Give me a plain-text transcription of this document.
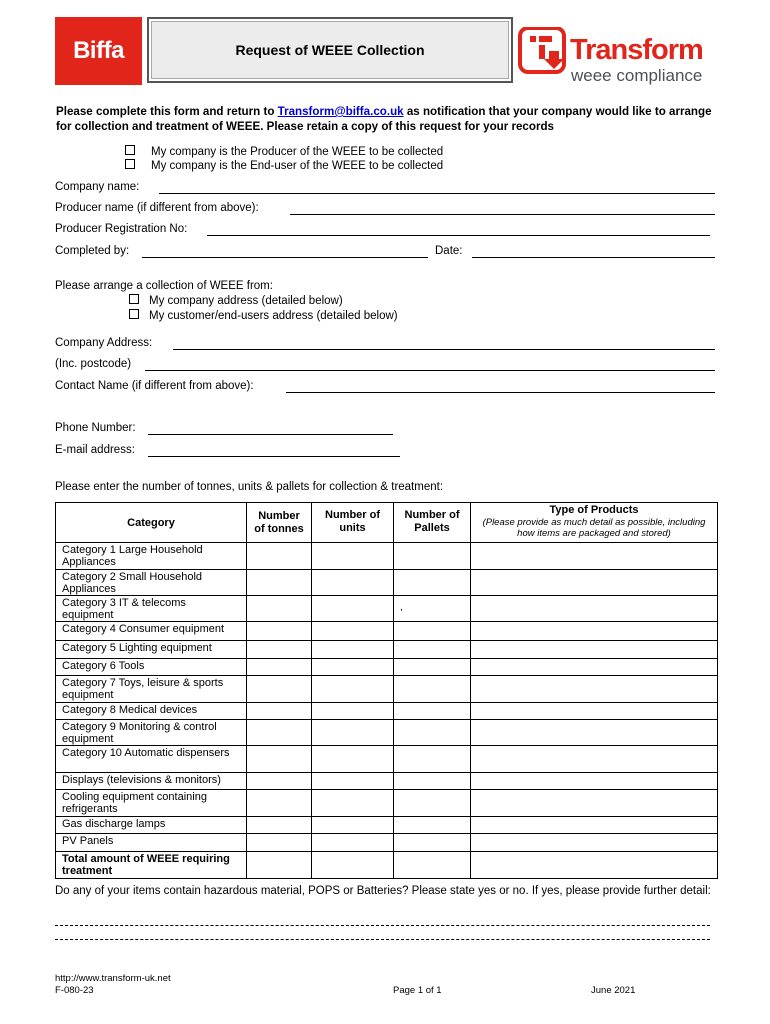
Biffa	Request of WEEE Collection	Transform
weee compliance
Please complete this form and return to Transform@biffa.co.uk as notification that your company would like to arrange for collection and treatment of WEEE. Please retain a copy of this request for your records
My company is the Producer of the WEEE to be collected
My company is the End-user of the WEEE to be collected
Company name:
Producer name (if different from above):
Producer Registration No:
Completed by:	Date:
Please arrange a collection of WEEE from:
My company address (detailed below)
My customer/end-users address (detailed below)
Company Address:
(Inc. postcode)
Contact Name (if different from above):
Phone Number:
E-mail address:
Please enter the number of tonnes, units & pallets for collection & treatment:
Category	Number of tonnes	Number of units	Number of Pallets	Type of Products
(Please provide as much detail as possible, including how items are packaged and stored)

Category 1 Large Household Appliances				
Category 2 Small Household Appliances				
Category 3 IT & telecoms equipment			,	

Category 4 Consumer equipment				
Category 5 Lighting equipment				
Category 6 Tools				
Category 7 Toys, leisure & sports equipment				
Category 8 Medical devices				
Category 9 Monitoring & control equipment				
Category 10 Automatic dispensers				
Displays (televisions & monitors)				
Cooling equipment containing refrigerants				
Gas discharge lamps				
PV Panels				
Total amount of WEEE requiring treatment				
Do any of your items contain hazardous material, POPS or Batteries? Please state yes or no. If yes, please provide further detail:
http://www.transform-uk.net
F-080-23	Page 1 of 1	June 2021
